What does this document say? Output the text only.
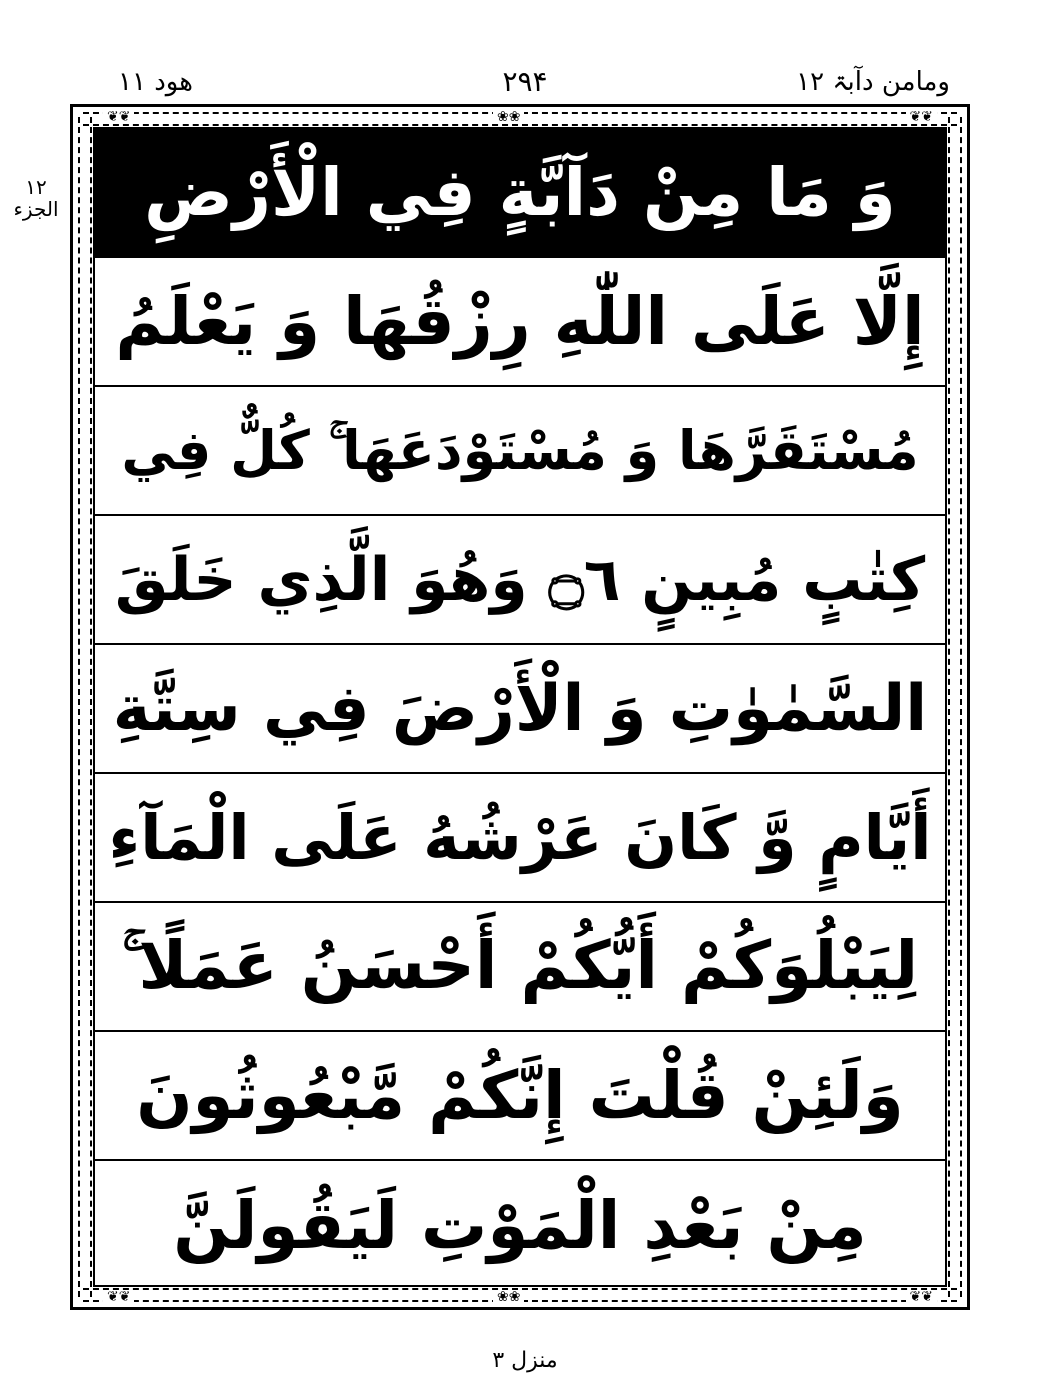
ومامن دآبۃ ۱۲
۲۹۴
ھود ۱۱
۱۲
الجزء
❦❦	❀❀	❦❦
❦❦	❀❀	❦❦
وَ مَا مِنْ دَآبَّةٍ فِي الْأَرْضِ
إِلَّا عَلَى اللّٰهِ رِزْقُهَا وَ يَعْلَمُ
مُسْتَقَرَّهَا وَ مُسْتَوْدَعَهَا ۚ كُلٌّ فِي
كِتٰبٍ مُبِينٍ ۝٦ وَهُوَ الَّذِي خَلَقَ
السَّمٰوٰتِ وَ الْأَرْضَ فِي سِتَّةِ
أَيَّامٍ وَّ كَانَ عَرْشُهُ عَلَى الْمَآءِ
لِيَبْلُوَكُمْ أَيُّكُمْ أَحْسَنُ عَمَلًا ۚ
وَلَئِنْ قُلْتَ إِنَّكُمْ مَّبْعُوثُونَ
مِنْ بَعْدِ الْمَوْتِ لَيَقُولَنَّ
منزل ۳
